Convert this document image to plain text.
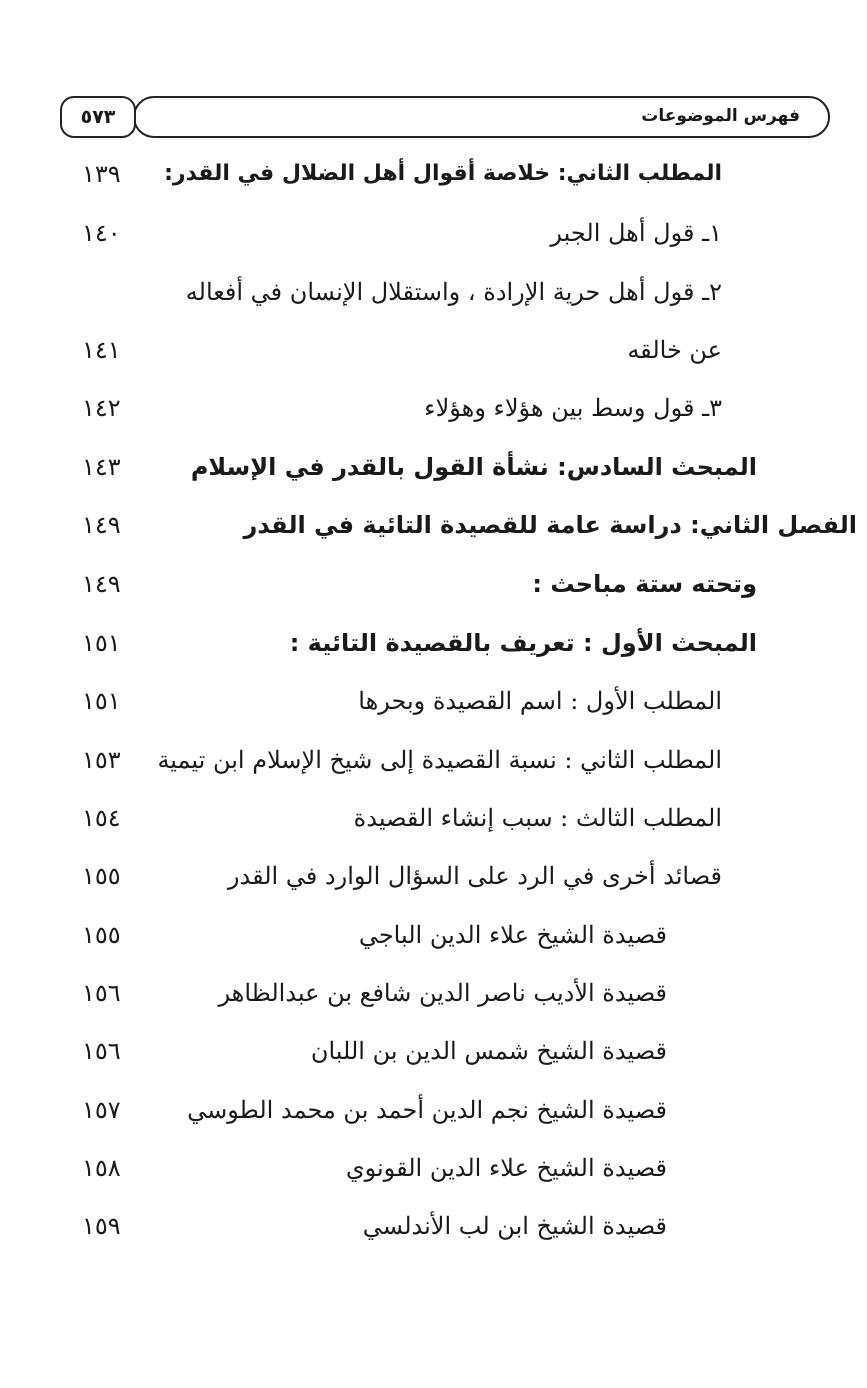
فهرس الموضوعات
٥٧٣
المطلب الثاني: خلاصة أقوال أهل الضلال في القدر:
١٣٩
١ـ قول أهل الجبر
١٤٠
٢ـ قول أهل حرية الإرادة ، واستقلال الإنسان في أفعاله
عن خالقه
١٤١
٣ـ قول وسط بين هؤلاء وهؤلاء
١٤٢
المبحث السادس: نشأة القول بالقدر في الإسلام
١٤٣
الفصل الثاني: دراسة عامة للقصيدة التائية في القدر
١٤٩
وتحته ستة مباحث :
١٤٩
المبحث الأول : تعريف بالقصيدة التائية :
١٥١
المطلب الأول : اسم القصيدة وبحرها
١٥١
المطلب الثاني : نسبة القصيدة إلى شيخ الإسلام ابن تيمية
١٥٣
المطلب الثالث : سبب إنشاء القصيدة
١٥٤
قصائد أخرى في الرد على السؤال الوارد في القدر
١٥٥
قصيدة الشيخ علاء الدين الباجي
١٥٥
قصيدة الأديب ناصر الدين شافع بن عبدالظاهر
١٥٦
قصيدة الشيخ شمس الدين بن اللبان
١٥٦
قصيدة الشيخ نجم الدين أحمد بن محمد الطوسي
١٥٧
قصيدة الشيخ علاء الدين القونوي
١٥٨
قصيدة الشيخ ابن لب الأندلسي
١٥٩
